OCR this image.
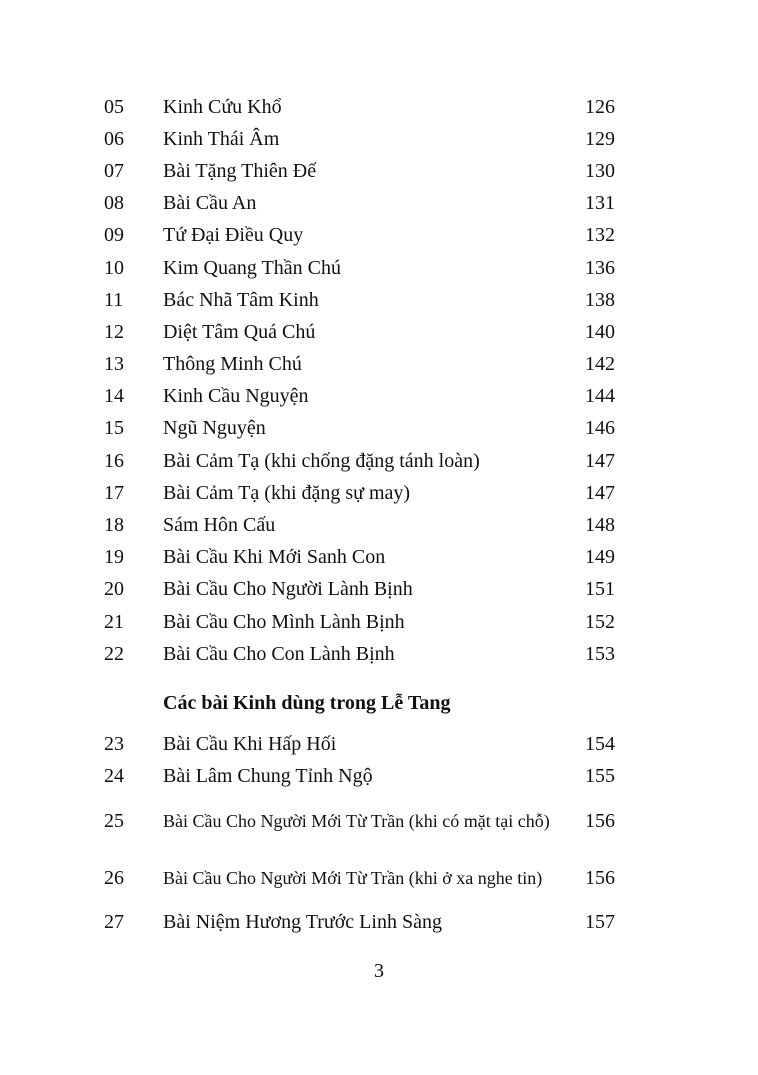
05	Kinh Cứu Khổ	126
06	Kinh Thái Âm	129
07	Bài Tặng Thiên Đế	130
08	Bài Cầu An	131
09	Tứ Đại Điều Quy	132
10	Kim Quang Thần Chú	136
11	Bác Nhã Tâm Kinh	138
12	Diệt Tâm Quá Chú	140
13	Thông Minh Chú	142
14	Kinh Cầu Nguyện	144
15	Ngũ Nguyện	146
16	Bài Cảm Tạ (khi chống đặng tánh loàn)	147
17	Bài Cảm Tạ (khi đặng sự may)	147
18	Sám Hôn Cấu	148
19	Bài Cầu Khi Mới Sanh Con	149
20	Bài Cầu Cho Người Lành Bịnh	151
21	Bài Cầu Cho Mình Lành Bịnh	152
22	Bài Cầu Cho Con Lành Bịnh	153
Các bài Kinh dùng trong Lễ Tang
23	Bài Cầu Khi Hấp Hối	154
24	Bài Lâm Chung Tỉnh Ngộ	155
25	Bài Cầu Cho Người Mới Từ Trần (khi có mặt tại chỗ)	156
26	Bài Cầu Cho Người Mới Từ Trần (khi ở xa nghe tin)	156
27	Bài Niệm Hương Trước Linh Sàng	157
3
